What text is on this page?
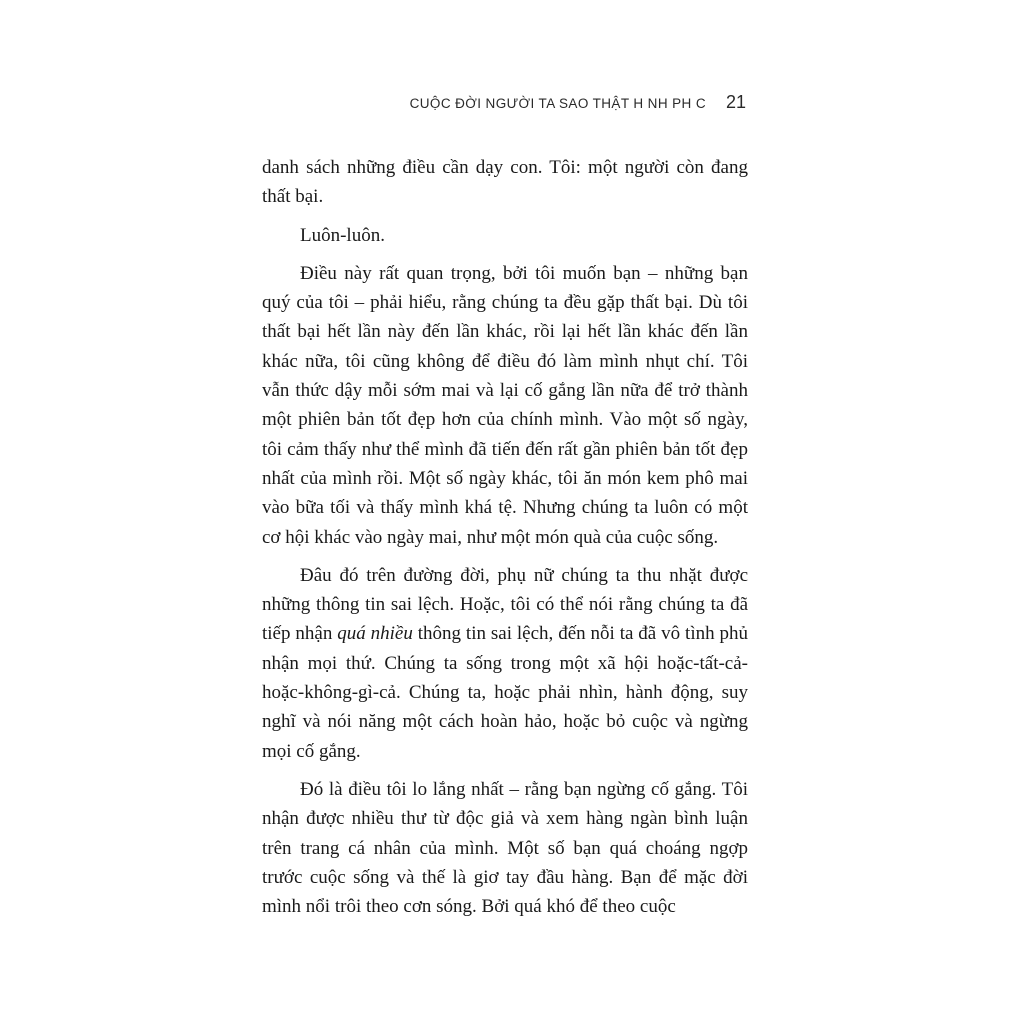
CUỘC ĐỜI NGƯỜI TA SAO THẬT H NH PH C 21

danh sách những điều cần dạy con. Tôi: một người còn đang thất bại.

Luôn-luôn.

Điều này rất quan trọng, bởi tôi muốn bạn – những bạn quý của tôi – phải hiểu, rằng chúng ta đều gặp thất bại. Dù tôi thất bại hết lần này đến lần khác, rồi lại hết lần khác đến lần khác nữa, tôi cũng không để điều đó làm mình nhụt chí. Tôi vẫn thức dậy mỗi sớm mai và lại cố gắng lần nữa để trở thành một phiên bản tốt đẹp hơn của chính mình. Vào một số ngày, tôi cảm thấy như thể mình đã tiến đến rất gần phiên bản tốt đẹp nhất của mình rồi. Một số ngày khác, tôi ăn món kem phô mai vào bữa tối và thấy mình khá tệ. Nhưng chúng ta luôn có một cơ hội khác vào ngày mai, như một món quà của cuộc sống.

Đâu đó trên đường đời, phụ nữ chúng ta thu nhặt được những thông tin sai lệch. Hoặc, tôi có thể nói rằng chúng ta đã tiếp nhận quá nhiều thông tin sai lệch, đến nỗi ta đã vô tình phủ nhận mọi thứ. Chúng ta sống trong một xã hội hoặc-tất-cả-hoặc-không-gì-cả. Chúng ta, hoặc phải nhìn, hành động, suy nghĩ và nói năng một cách hoàn hảo, hoặc bỏ cuộc và ngừng mọi cố gắng.

Đó là điều tôi lo lắng nhất – rằng bạn ngừng cố gắng. Tôi nhận được nhiều thư từ độc giả và xem hàng ngàn bình luận trên trang cá nhân của mình. Một số bạn quá choáng ngợp trước cuộc sống và thế là giơ tay đầu hàng. Bạn để mặc đời mình nổi trôi theo cơn sóng. Bởi quá khó để theo cuộc
